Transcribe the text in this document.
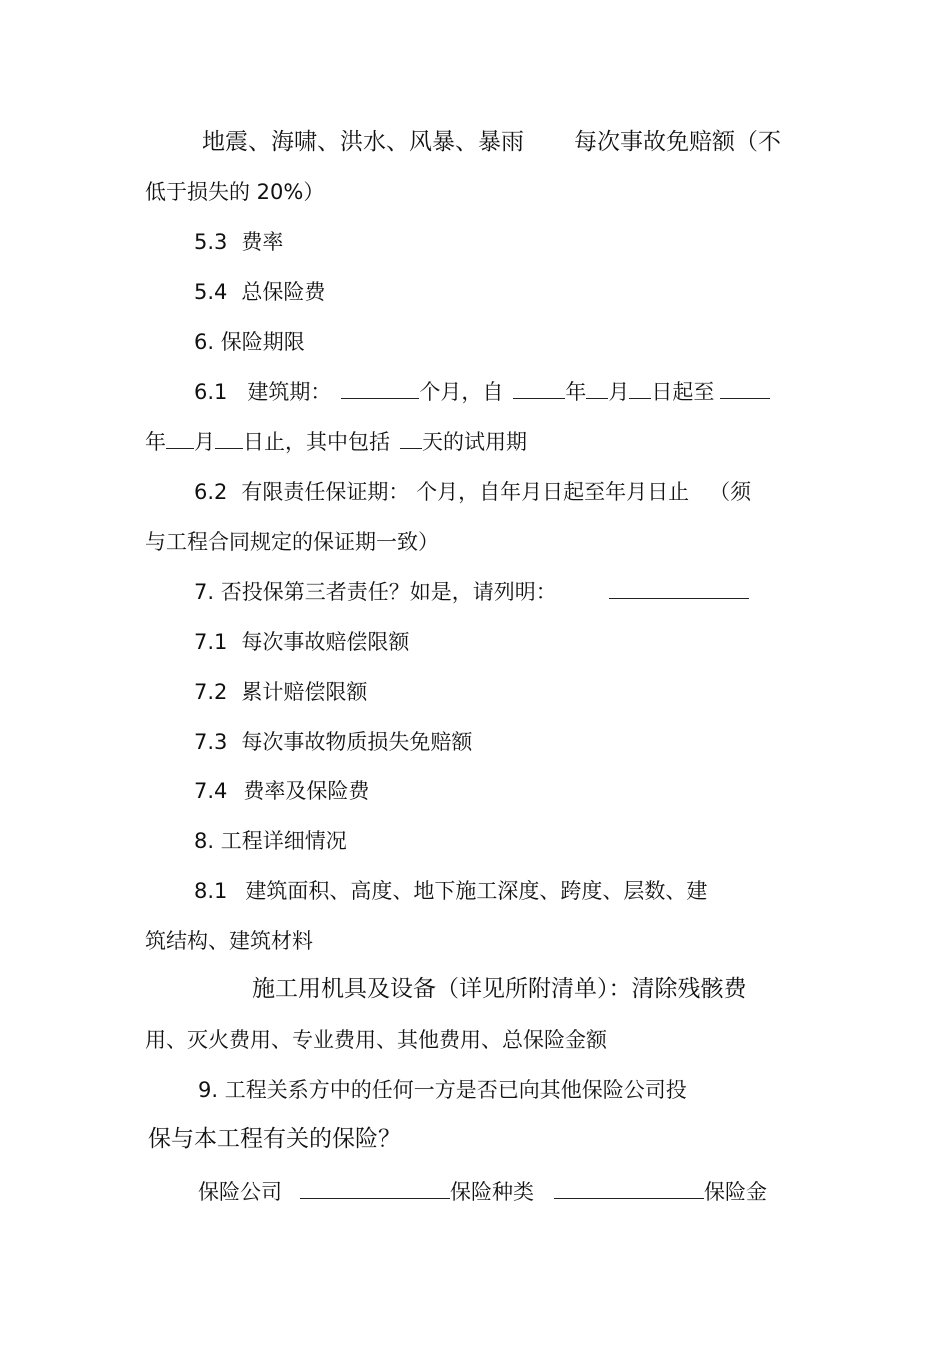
地震、海啸、洪水、风暴、暴雨 每次事故免赔额（不
低于损失的 20%）
5.3 费率
5.4 总保险费
6. 保险期限
6.1 建筑期：	个月，自	年 月 日起至
年 月 日止，其中包括 天的试用期
6.2 有限责任保证期： 个月，自年月日起至年月日止 （须
与工程合同规定的保证期一致）
7. 否投保第三者责任？如是，请列明：
7.1 每次事故赔偿限额
7.2 累计赔偿限额
7.3 每次事故物质损失免赔额
7.4 费率及保险费
8. 工程详细情况
8.1 建筑面积、高度、地下施工深度、跨度、层数、建
筑结构、建筑材料
施工用机具及设备（详见所附清单）：清除残骸费
用、灭火费用、专业费用、其他费用、总保险金额
9. 工程关系方中的任何一方是否已向其他保险公司投
保与本工程有关的保险？
保险公司	保险种类	保险金
